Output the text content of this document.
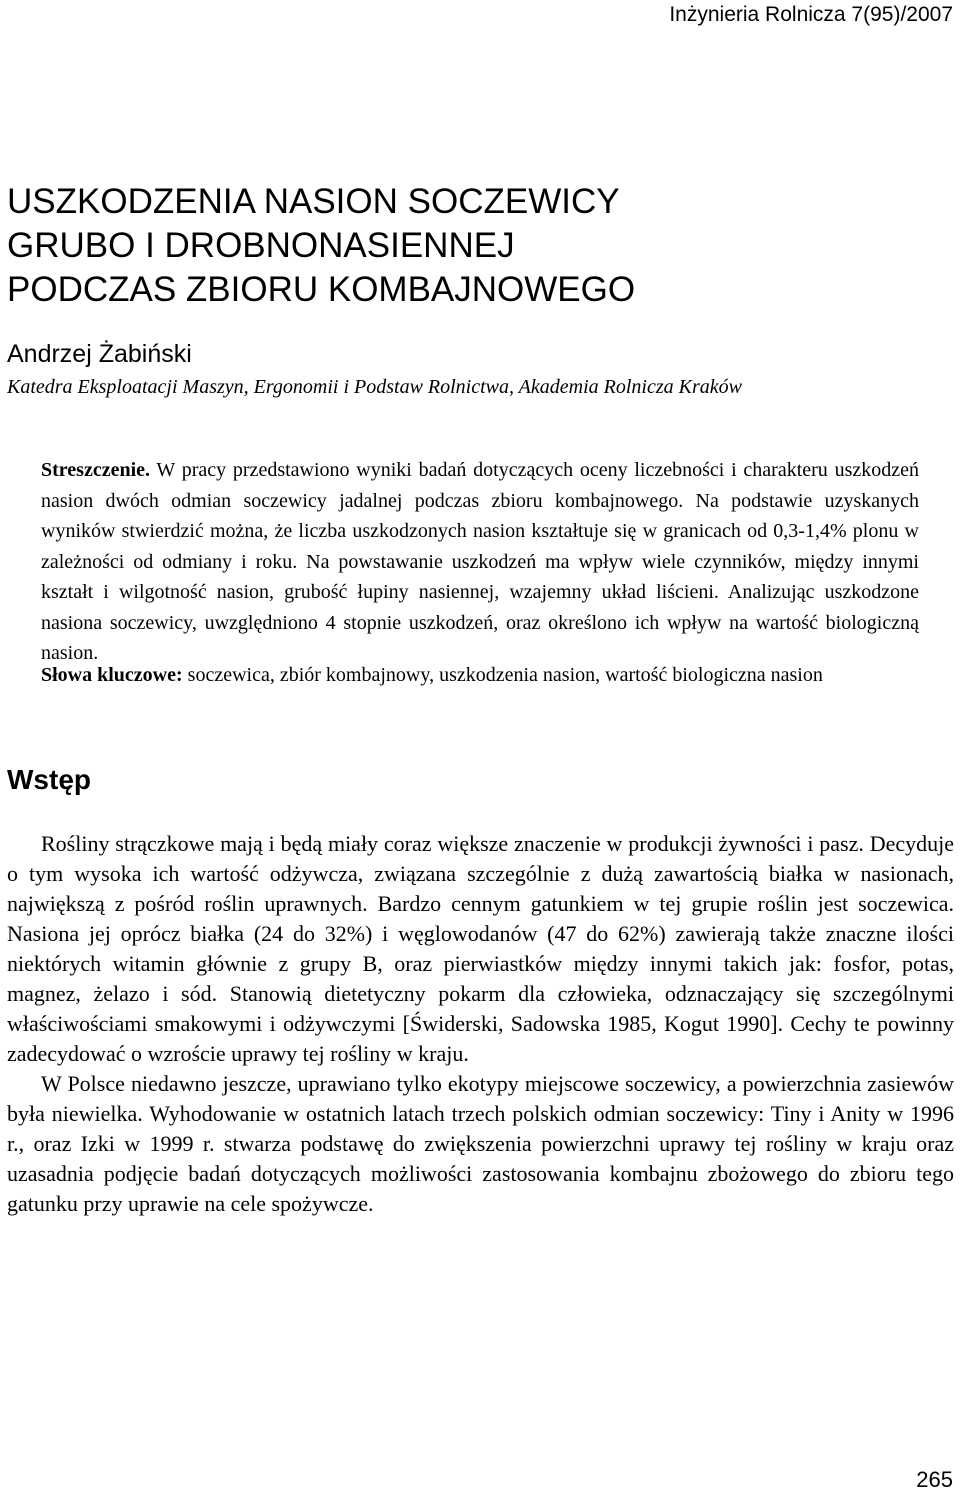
Inżynieria Rolnicza 7(95)/2007
USZKODZENIA NASION SOCZEWICY
GRUBO I DROBNONASIENNEJ
PODCZAS ZBIORU KOMBAJNOWEGO
Andrzej Żabiński
Katedra Eksploatacji Maszyn, Ergonomii i Podstaw Rolnictwa, Akademia Rolnicza Kraków
Streszczenie. W pracy przedstawiono wyniki badań dotyczących oceny liczebności i charakteru uszkodzeń nasion dwóch odmian soczewicy jadalnej podczas zbioru kombajnowego. Na podstawie uzyskanych wyników stwierdzić można, że liczba uszkodzonych nasion kształtuje się w granicach od 0,3-1,4% plonu w zależności od odmiany i roku. Na powstawanie uszkodzeń ma wpływ wiele czynników, między innymi kształt i wilgotność nasion, grubość łupiny nasiennej, wzajemny układ liścieni. Analizując uszkodzone nasiona soczewicy, uwzględniono 4 stopnie uszkodzeń, oraz określono ich wpływ na wartość biologiczną nasion.
Słowa kluczowe: soczewica, zbiór kombajnowy, uszkodzenia nasion, wartość biologiczna nasion
Wstęp

Rośliny strączkowe mają i będą miały coraz większe znaczenie w produkcji żywności i pasz. Decyduje o tym wysoka ich wartość odżywcza, związana szczególnie z dużą zawartością białka w nasionach, największą z pośród roślin uprawnych. Bardzo cennym gatunkiem w tej grupie roślin jest soczewica. Nasiona jej oprócz białka (24 do 32%) i węglowodanów (47 do 62%) zawierają także znaczne ilości niektórych witamin głównie z grupy B, oraz pierwiastków między innymi takich jak: fosfor, potas, magnez, żelazo i sód. Stanowią dietetyczny pokarm dla człowieka, odznaczający się szczególnymi właściwościami smakowymi i odżywczymi [Świderski, Sadowska 1985, Kogut 1990]. Cechy te powinny zadecydować o wzroście uprawy tej rośliny w kraju.

W Polsce niedawno jeszcze, uprawiano tylko ekotypy miejscowe soczewicy, a powierzchnia zasiewów była niewielka. Wyhodowanie w ostatnich latach trzech polskich odmian soczewicy: Tiny i Anity w 1996 r., oraz Izki w 1999 r. stwarza podstawę do zwiększenia powierzchni uprawy tej rośliny w kraju oraz uzasadnia podjęcie badań dotyczących możliwości zastosowania kombajnu zbożowego do zbioru tego gatunku przy uprawie na cele spożywcze.

265
